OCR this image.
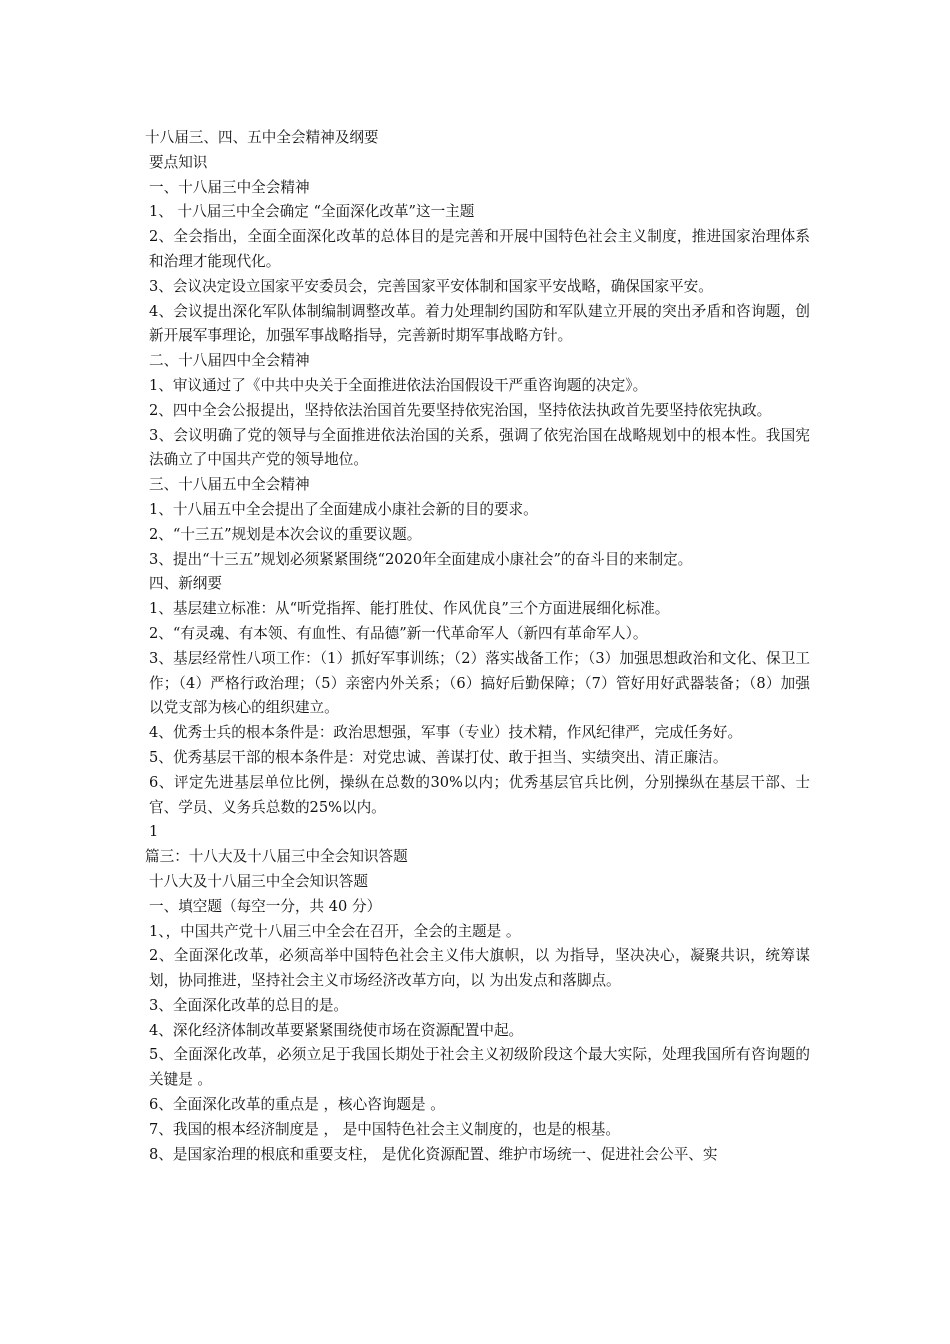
十八届三、四、五中全会精神及纲要

要点知识

一、十八届三中全会精神

1、 十八届三中全会确定 “全面深化改革”这一主题

2、全会指出，全面全面深化改革的总体目的是完善和开展中国特色社会主义制度，推进国家治理体系和治理才能现代化。

3、会议决定设立国家平安委员会，完善国家平安体制和国家平安战略，确保国家平安。

4、会议提出深化军队体制编制调整改革。着力处理制约国防和军队建立开展的突出矛盾和咨询题，创新开展军事理论，加强军事战略指导，完善新时期军事战略方针。

二、十八届四中全会精神

1、审议通过了《中共中央关于全面推进依法治国假设干严重咨询题的决定》。

2、四中全会公报提出，坚持依法治国首先要坚持依宪治国，坚持依法执政首先要坚持依宪执政。

3、会议明确了党的领导与全面推进依法治国的关系，强调了依宪治国在战略规划中的根本性。我国宪法确立了中国共产党的领导地位。

三、十八届五中全会精神

1、十八届五中全会提出了全面建成小康社会新的目的要求。

2、“十三五”规划是本次会议的重要议题。

3、提出“十三五”规划必须紧紧围绕“2020年全面建成小康社会”的奋斗目的来制定。

四、新纲要

1、基层建立标准：从“听党指挥、能打胜仗、作风优良”三个方面进展细化标准。

2、“有灵魂、有本领、有血性、有品德”新一代革命军人（新四有革命军人）。

3、基层经常性八项工作：（1）抓好军事训练；（2）落实战备工作；（3）加强思想政治和文化、保卫工作；（4）严格行政治理；（5）亲密内外关系；（6）搞好后勤保障；（7）管好用好武器装备；（8）加强以党支部为核心的组织建立。

4、优秀士兵的根本条件是：政治思想强，军事（专业）技术精，作风纪律严，完成任务好。

5、优秀基层干部的根本条件是：对党忠诚、善谋打仗、敢于担当、实绩突出、清正廉洁。

6、评定先进基层单位比例，操纵在总数的30%以内；优秀基层官兵比例，分别操纵在基层干部、士官、学员、义务兵总数的25%以内。

1

篇三：十八大及十八届三中全会知识答题

十八大及十八届三中全会知识答题

一、填空题（每空一分，共 40 分）

1、，中国共产党十八届三中全会在召开，全会的主题是 。

2、全面深化改革，必须高举中国特色社会主义伟大旗帜，以 为指导，坚决决心，凝聚共识，统筹谋划，协同推进，坚持社会主义市场经济改革方向，以 为出发点和落脚点。

3、全面深化改革的总目的是。

4、深化经济体制改革要紧紧围绕使市场在资源配置中起。

5、全面深化改革，必须立足于我国长期处于社会主义初级阶段这个最大实际，处理我国所有咨询题的关键是 。

6、全面深化改革的重点是 ，核心咨询题是 。

7、我国的根本经济制度是 ， 是中国特色社会主义制度的，也是的根基。

8、是国家治理的根底和重要支柱， 是优化资源配置、维护市场统一、促进社会公平、实
